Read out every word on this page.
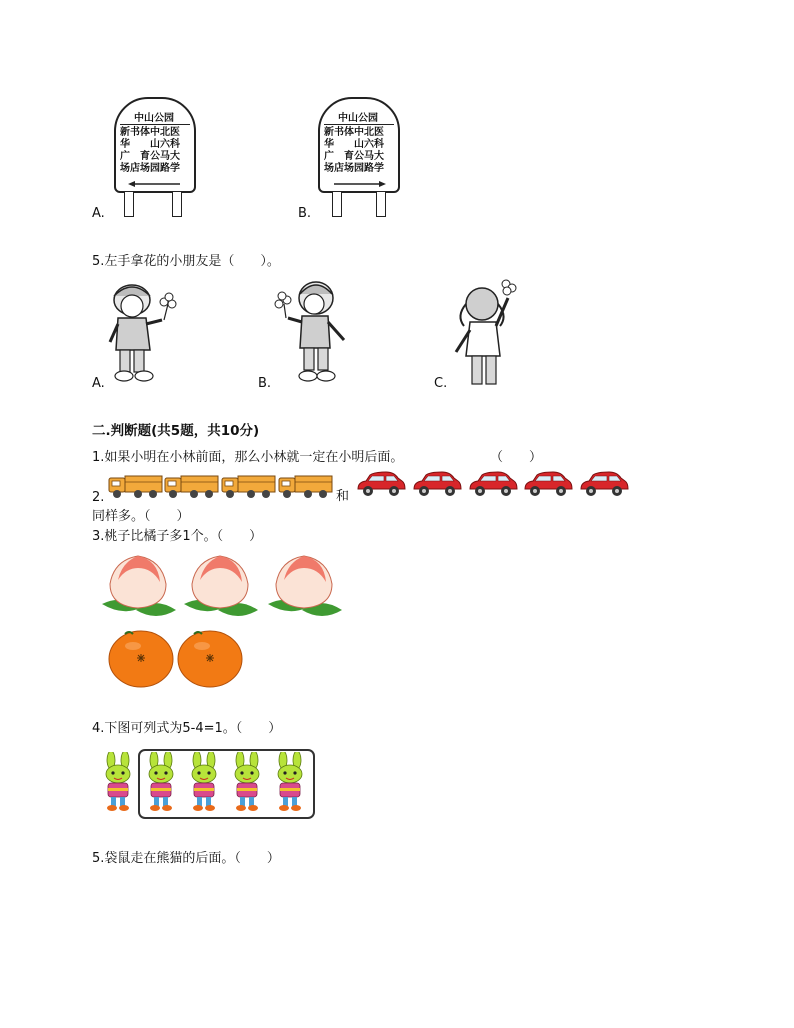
中山公园
新书体中北医
华　　山六科
广　育公马大
场店场园路学
A.
中山公园
新书体中北医
华　　山六科
广　育公马大
场店场园路学
B.
5.左手拿花的小朋友是（　　）。
A.	B.	C.
二.判断题(共5题，共10分)
1.如果小明在小林前面，那么小林就一定在小明后面。	（　　）
2.	和
同样多。（　　）
3.桃子比橘子多1个。（　　）
4.下图可列式为5-4=1。（　　）
5.袋鼠走在熊猫的后面。（　　）
